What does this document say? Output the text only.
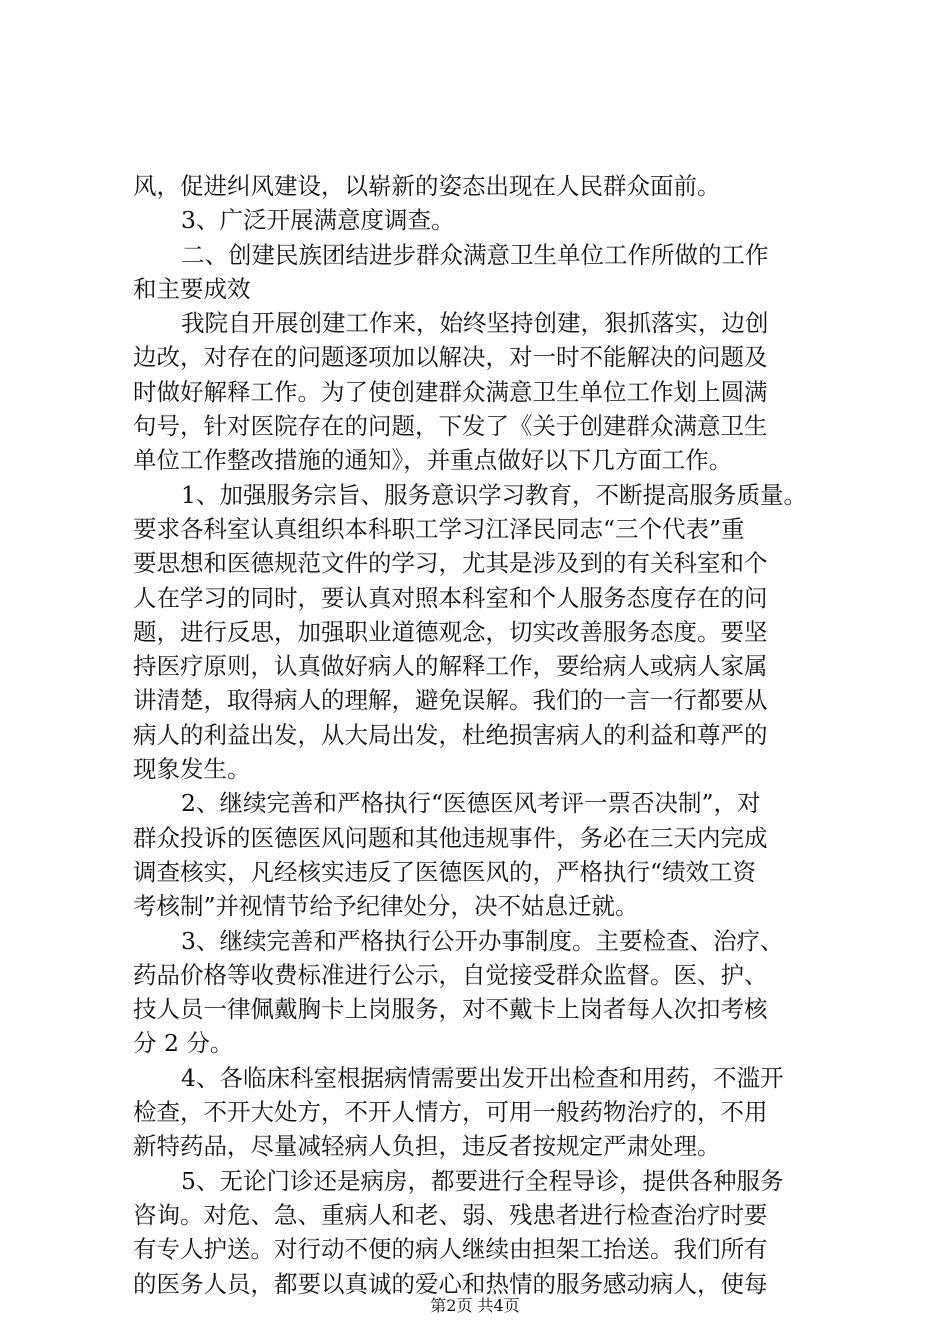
风，促进纠风建设，以崭新的姿态出现在人民群众面前。
3、广泛开展满意度调查。
二、创建民族团结进步群众满意卫生单位工作所做的工作
和主要成效
我院自开展创建工作来，始终坚持创建，狠抓落实，边创
边改，对存在的问题逐项加以解决，对一时不能解决的问题及
时做好解释工作。为了使创建群众满意卫生单位工作划上圆满
句号，针对医院存在的问题，下发了《关于创建群众满意卫生
单位工作整改措施的通知》，并重点做好以下几方面工作。
1、加强服务宗旨、服务意识学习教育，不断提高服务质量。
要求各科室认真组织本科职工学习江泽民同志“三个代表”重
要思想和医德规范文件的学习，尤其是涉及到的有关科室和个
人在学习的同时，要认真对照本科室和个人服务态度存在的问
题，进行反思，加强职业道德观念，切实改善服务态度。要坚
持医疗原则，认真做好病人的解释工作，要给病人或病人家属
讲清楚，取得病人的理解，避免误解。我们的一言一行都要从
病人的利益出发，从大局出发，杜绝损害病人的利益和尊严的
现象发生。
2、继续完善和严格执行“医德医风考评一票否决制”，对
群众投诉的医德医风问题和其他违规事件，务必在三天内完成
调查核实，凡经核实违反了医德医风的，严格执行“绩效工资
考核制”并视情节给予纪律处分，决不姑息迁就。
3、继续完善和严格执行公开办事制度。主要检查、治疗、
药品价格等收费标准进行公示，自觉接受群众监督。医、护、
技人员一律佩戴胸卡上岗服务，对不戴卡上岗者每人次扣考核
分 2 分。
4、各临床科室根据病情需要出发开出检查和用药，不滥开
检查，不开大处方，不开人情方，可用一般药物治疗的，不用
新特药品，尽量减轻病人负担，违反者按规定严肃处理。
5、无论门诊还是病房，都要进行全程导诊，提供各种服务
咨询。对危、急、重病人和老、弱、残患者进行检查治疗时要
有专人护送。对行动不便的病人继续由担架工抬送。我们所有
的医务人员，都要以真诚的爱心和热情的服务感动病人，使每
第2页 共4页
